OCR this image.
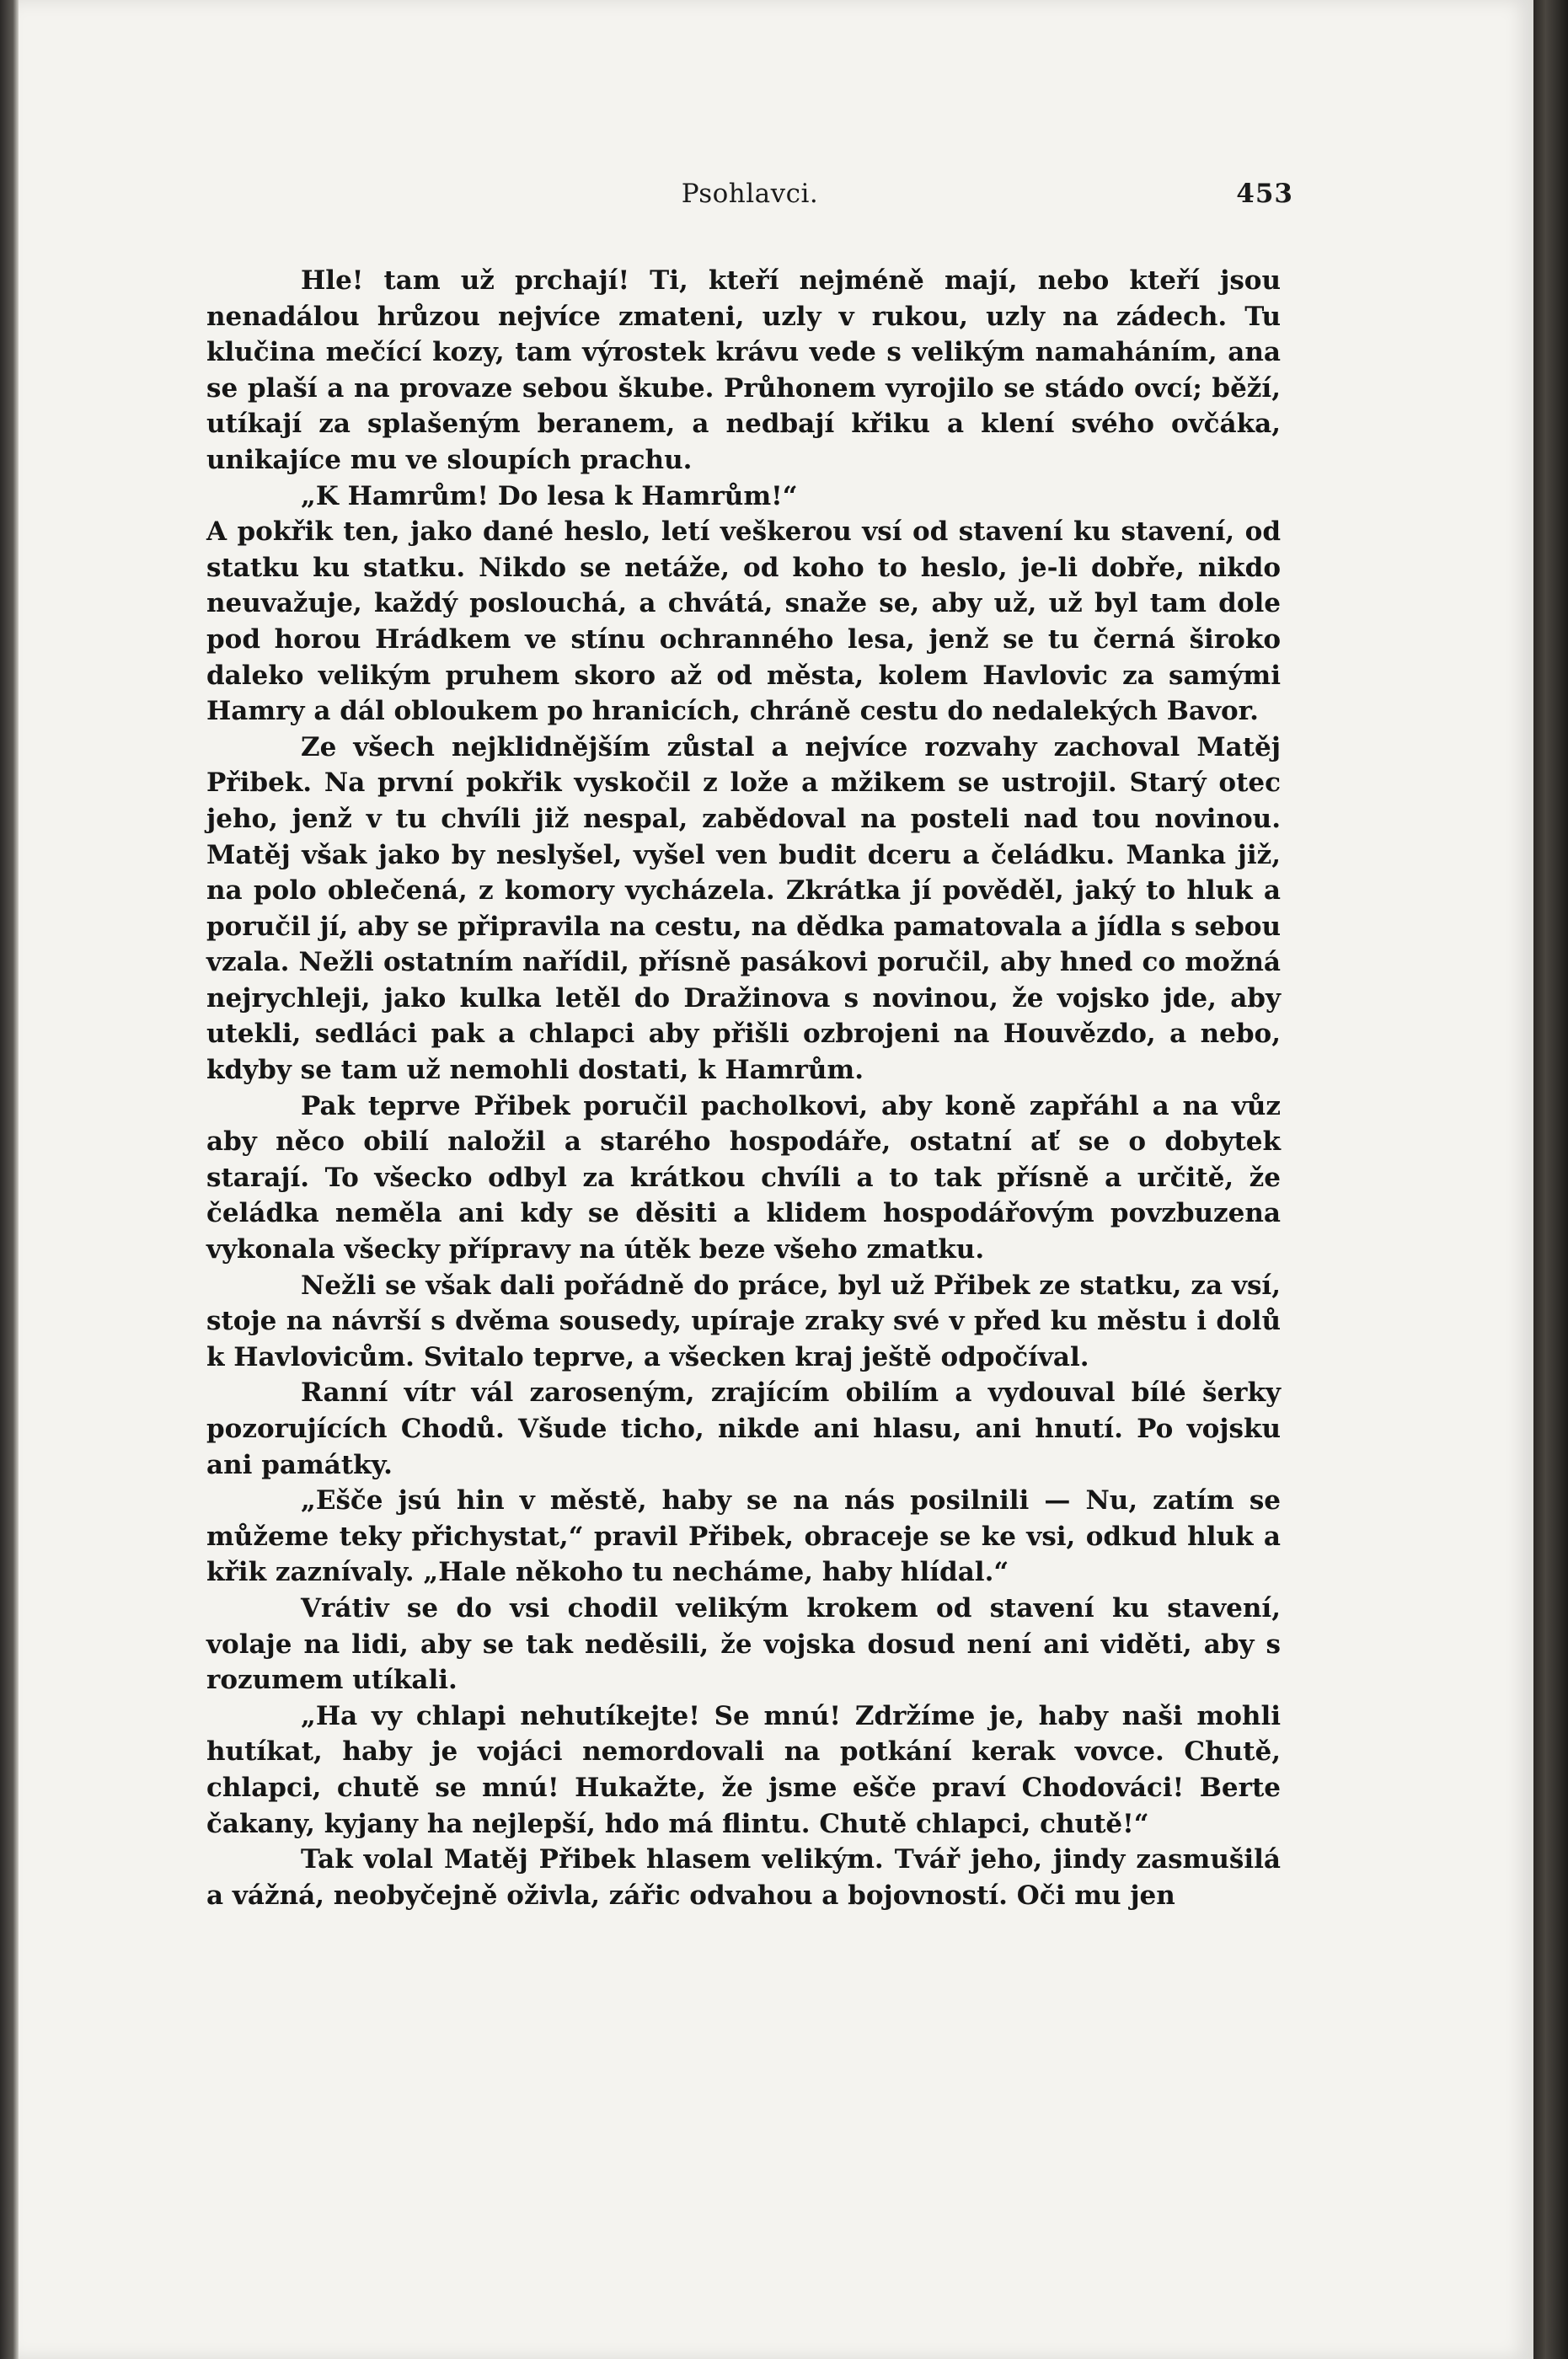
Psohlavci.	453

Hle! tam už prchají! Ti, kteří nejméně mají, nebo kteří jsou nenadálou hrůzou nejvíce zmateni, uzly v rukou, uzly na zádech. Tu klučina mečící kozy, tam výrostek krávu vede s velikým namaháním, ana se plaší a na provaze sebou škube. Průhonem vyrojilo se stádo ovcí; běží, utíkají za splašeným beranem, a nedbají křiku a klení svého ovčáka, unikajíce mu ve sloupích prachu.

„K Hamrům! Do lesa k Hamrům!“

A pokřik ten, jako dané heslo, letí veškerou vsí od stavení ku stavení, od statku ku statku. Nikdo se netáže, od koho to heslo, je-li dobře, nikdo neuvažuje, každý poslouchá, a chvátá, snaže se, aby už, už byl tam dole pod horou Hrádkem ve stínu ochranného lesa, jenž se tu černá široko daleko velikým pruhem skoro až od města, kolem Havlovic za samými Hamry a dál obloukem po hranicích, chráně cestu do nedalekých Bavor.

Ze všech nejklidnějším zůstal a nejvíce rozvahy zachoval Matěj Přibek. Na první pokřik vyskočil z lože a mžikem se ustrojil. Starý otec jeho, jenž v tu chvíli již nespal, zabědoval na posteli nad tou novinou. Matěj však jako by neslyšel, vyšel ven budit dceru a čeládku. Manka již, na polo oblečená, z komory vycházela. Zkrátka jí pověděl, jaký to hluk a poručil jí, aby se připravila na cestu, na dědka pamatovala a jídla s sebou vzala. Nežli ostatním nařídil, přísně pasákovi poručil, aby hned co možná nejrychleji, jako kulka letěl do Dražinova s novinou, že vojsko jde, aby utekli, sedláci pak a chlapci aby přišli ozbrojeni na Houvězdo, a nebo, kdyby se tam už nemohli dostati, k Hamrům.

Pak teprve Přibek poručil pacholkovi, aby koně zapřáhl a na vůz aby něco obilí naložil a starého hospodáře, ostatní ať se o dobytek starají. To všecko odbyl za krátkou chvíli a to tak přísně a určitě, že čeládka neměla ani kdy se děsiti a klidem hospodářovým povzbuzena vykonala všecky přípravy na útěk beze všeho zmatku.

Nežli se však dali pořádně do práce, byl už Přibek ze statku, za vsí, stoje na návrší s dvěma sousedy, upíraje zraky své v před ku městu i dolů k Havlovicům. Svitalo teprve, a všecken kraj ještě odpočíval.

Ranní vítr vál zaroseným, zrajícím obilím a vydouval bílé šerky pozorujících Chodů. Všude ticho, nikde ani hlasu, ani hnutí. Po vojsku ani památky.

„Ešče jsú hin v městě, haby se na nás posilnili — Nu, zatím se můžeme teky přichystat,“ pravil Přibek, obraceje se ke vsi, odkud hluk a křik zaznívaly. „Hale někoho tu necháme, haby hlídal.“

Vrátiv se do vsi chodil velikým krokem od stavení ku stavení, volaje na lidi, aby se tak neděsili, že vojska dosud není ani viděti, aby s rozumem utíkali.

„Ha vy chlapi nehutíkejte! Se mnú! Zdržíme je, haby naši mohli hutíkat, haby je vojáci nemordovali na potkání kerak vovce. Chutě, chlapci, chutě se mnú! Hukažte, že jsme ešče praví Chodováci! Berte čakany, kyjany ha nejlepší, hdo má flintu. Chutě chlapci, chutě!“

Tak volal Matěj Přibek hlasem velikým. Tvář jeho, jindy zasmušilá a vážná, neobyčejně oživla, zářic odvahou a bojovností. Oči mu jen
